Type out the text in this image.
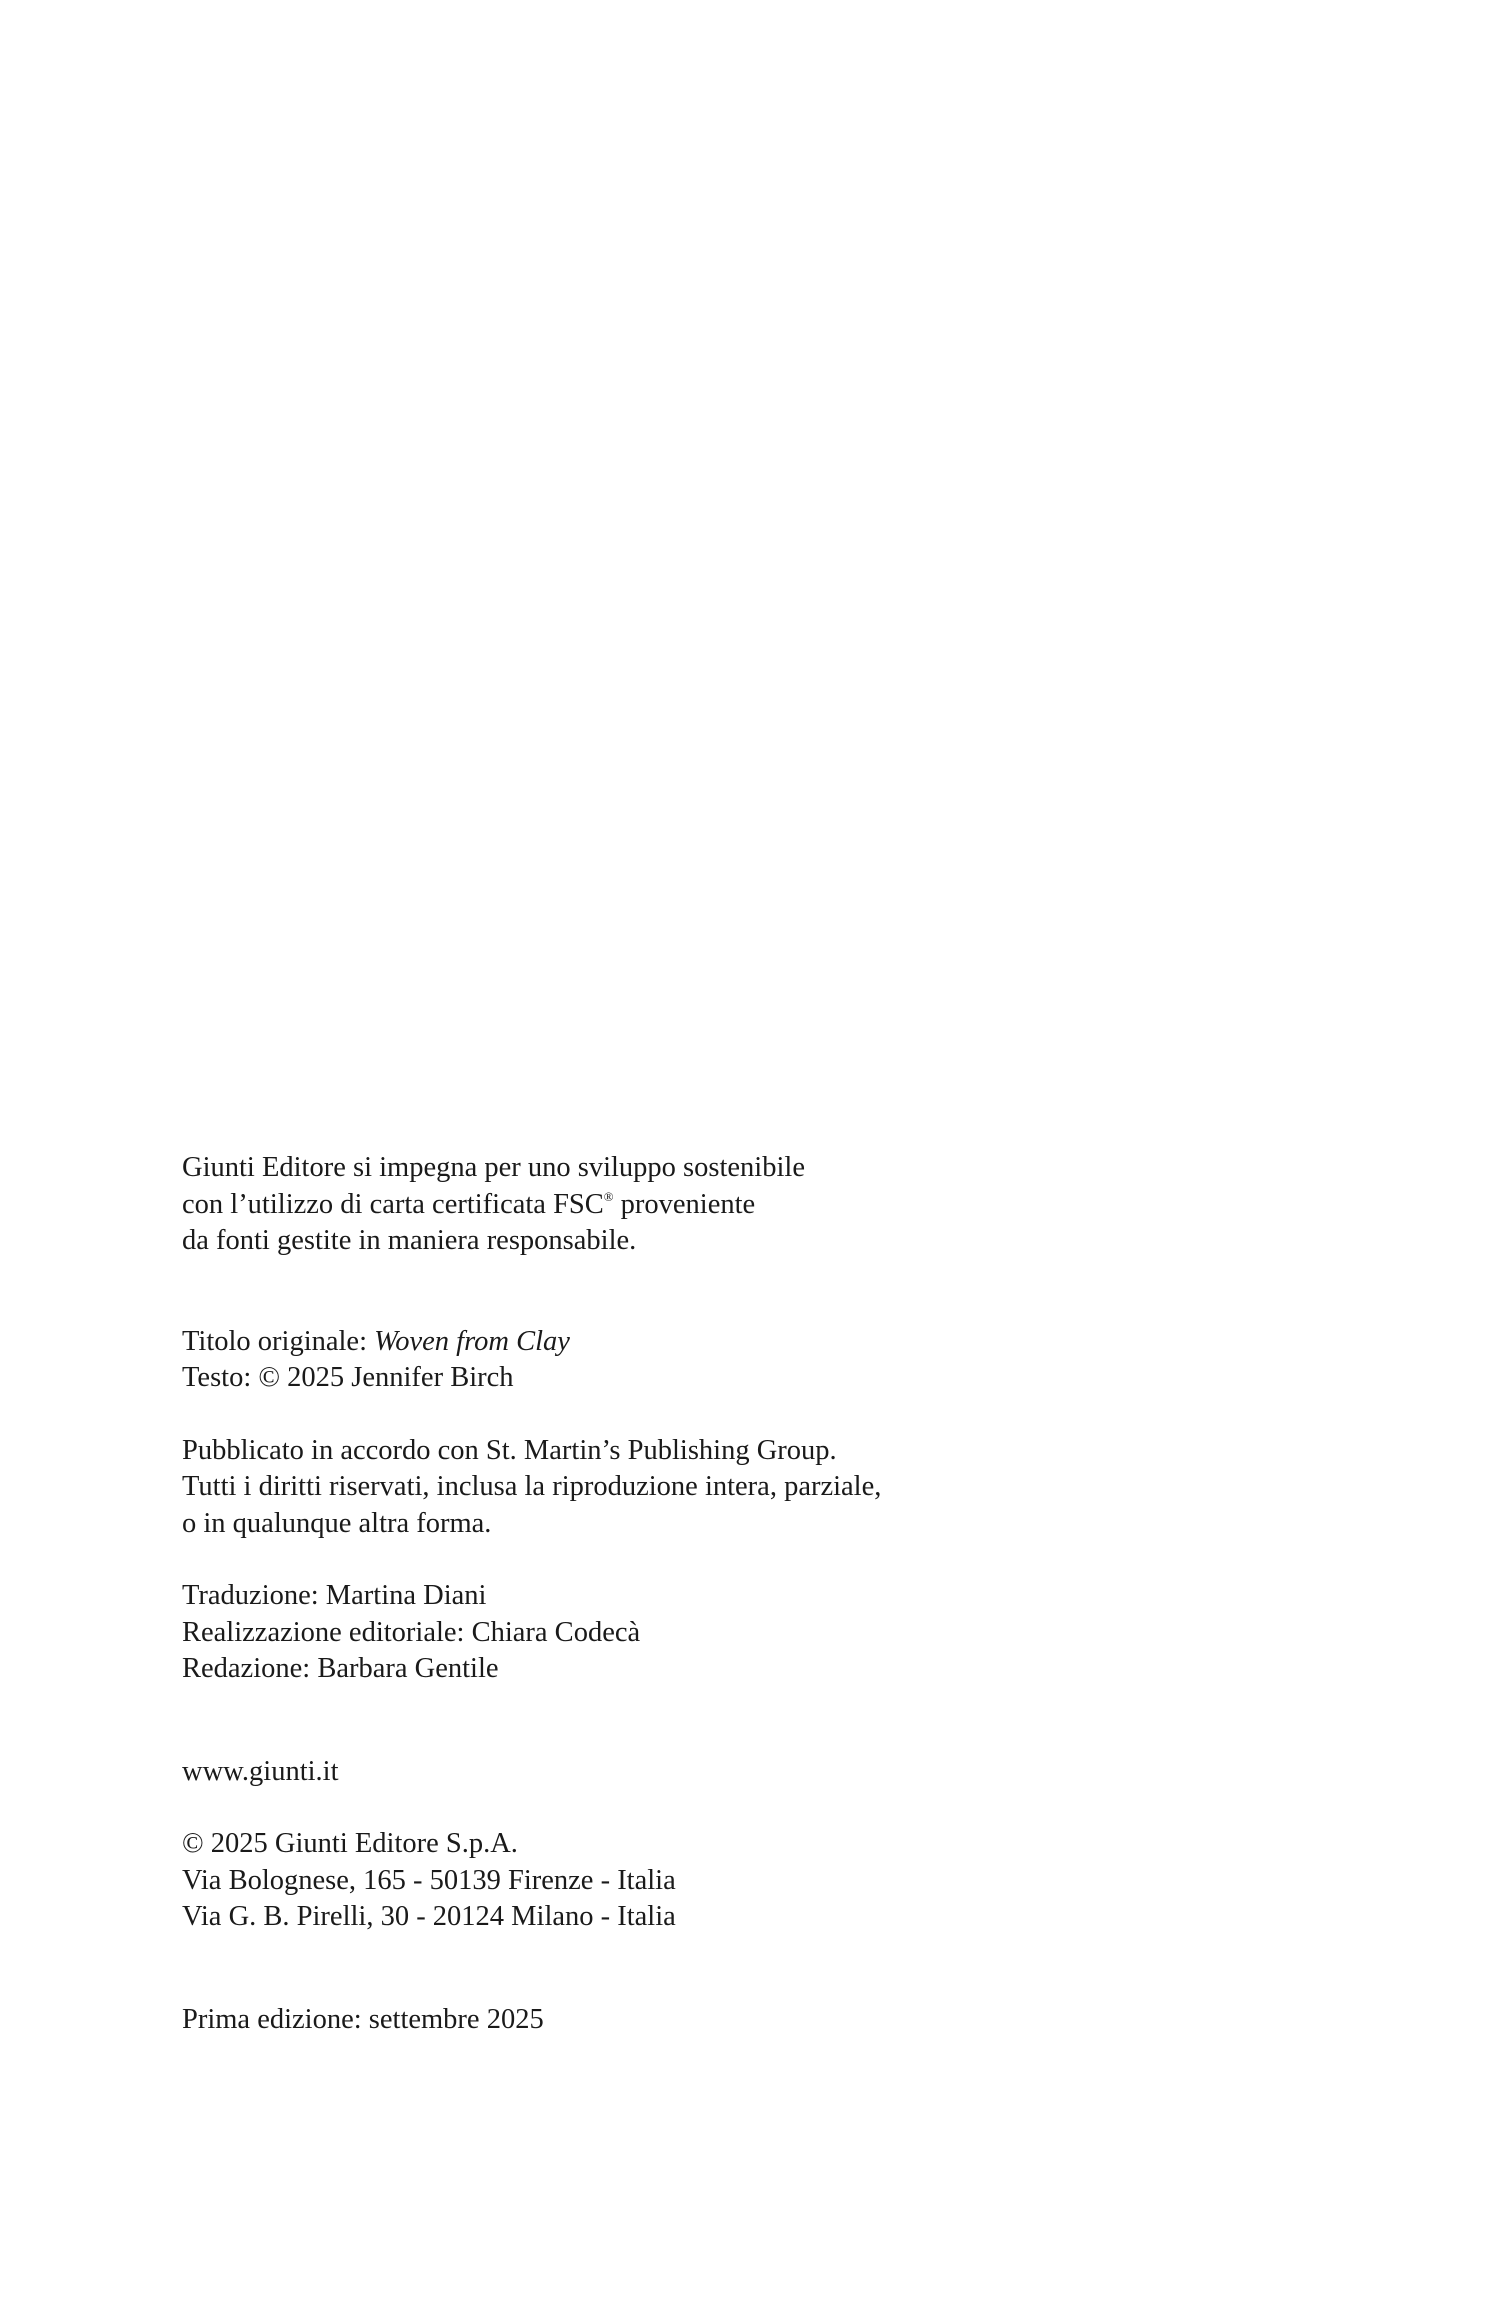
Giunti Editore si impegna per uno sviluppo sostenibile
con l’utilizzo di carta certificata FSC® proveniente
da fonti gestite in maniera responsabile.

Titolo originale: Woven from Clay
Testo: © 2025 Jennifer Birch

Pubblicato in accordo con St. Martin’s Publishing Group.
Tutti i diritti riservati, inclusa la riproduzione intera, parziale,
o in qualunque altra forma.

Traduzione: Martina Diani
Realizzazione editoriale: Chiara Codecà
Redazione: Barbara Gentile

www.giunti.it

© 2025 Giunti Editore S.p.A.
Via Bolognese, 165 - 50139 Firenze - Italia
Via G. B. Pirelli, 30 - 20124 Milano - Italia

Prima edizione: settembre 2025
